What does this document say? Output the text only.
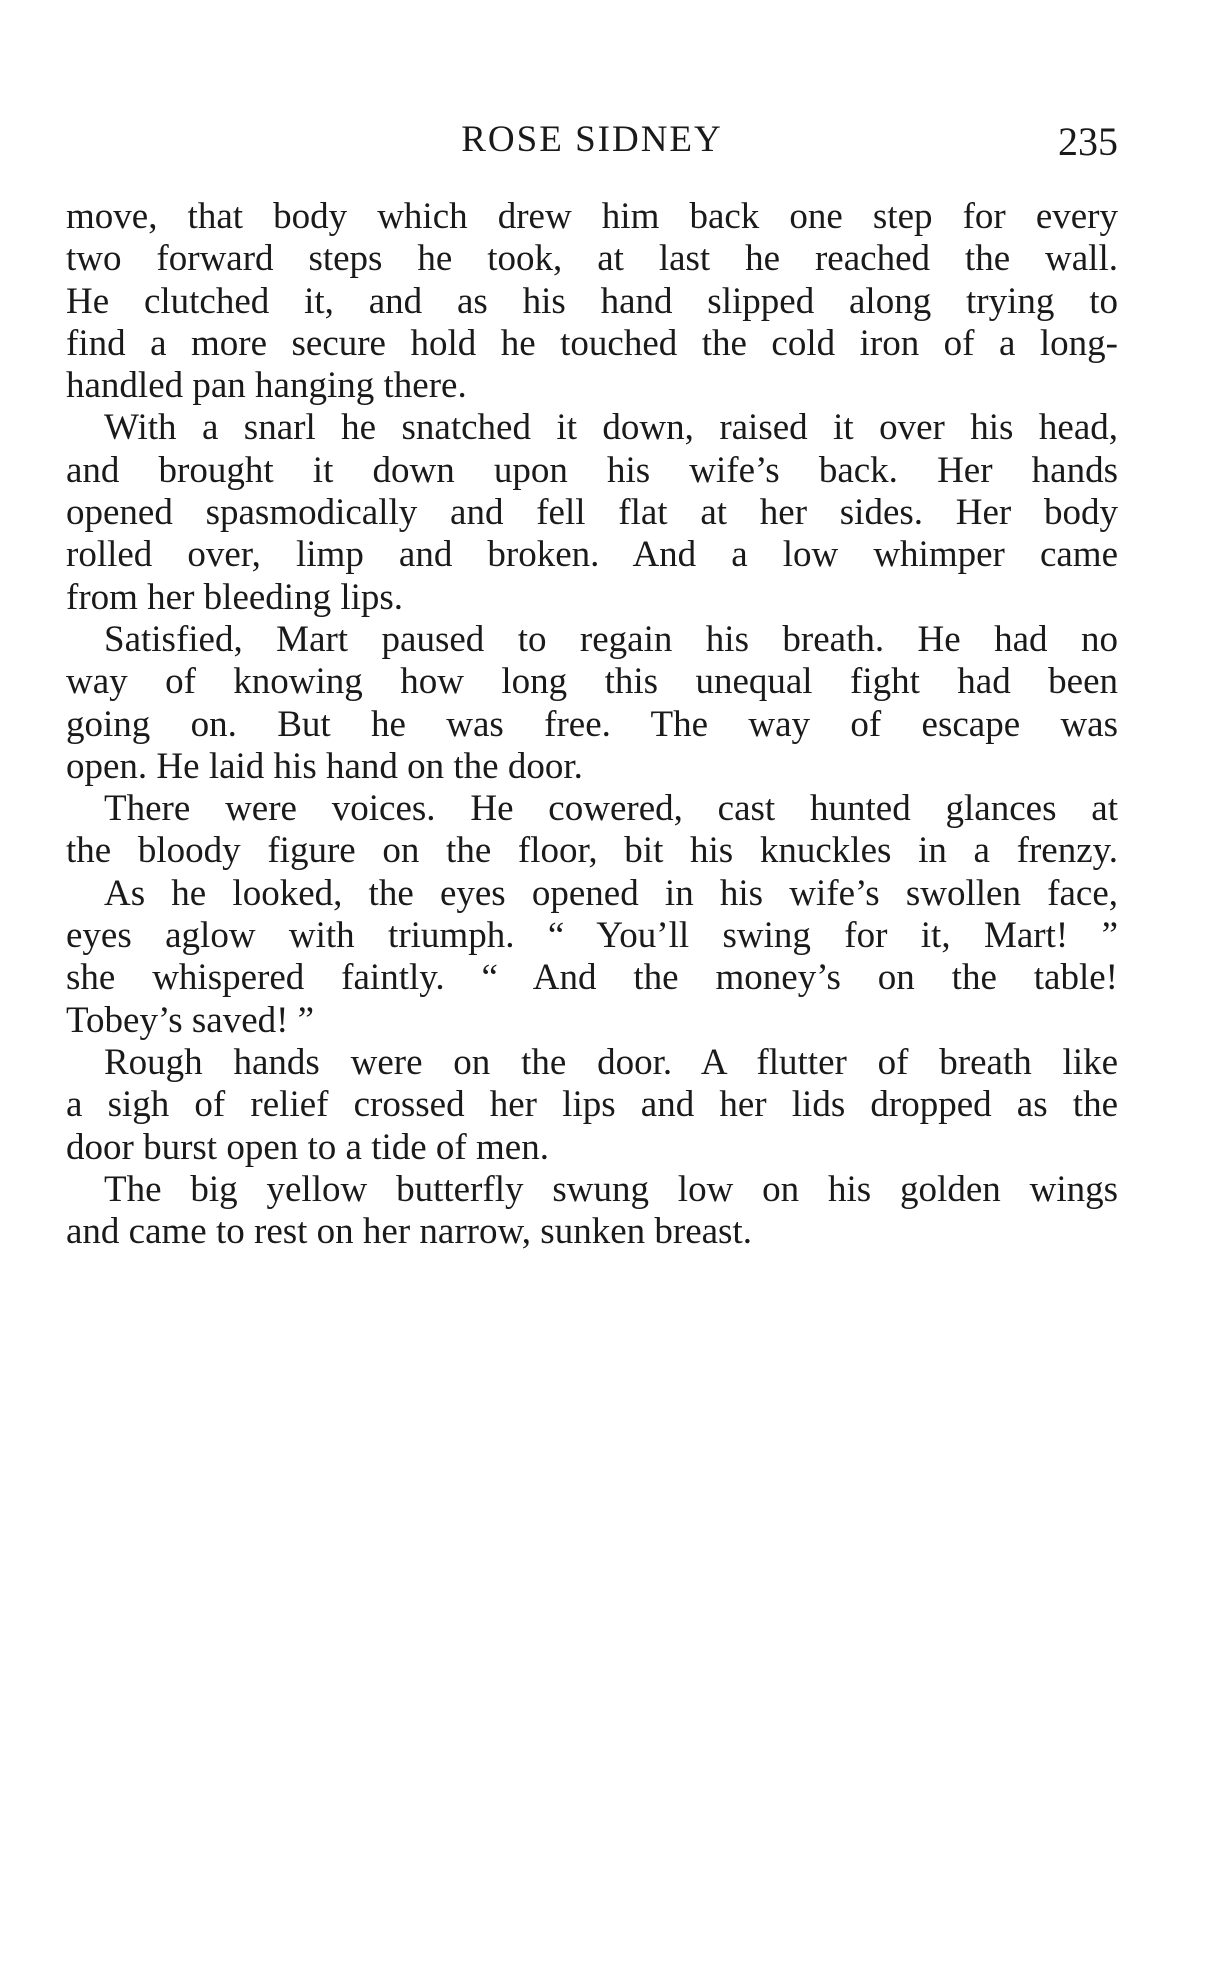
ROSE SIDNEY	235
move, that body which drew him back one step for every
two forward steps he took, at last he reached the wall.
He clutched it, and as his hand slipped along trying to
find a more secure hold he touched the cold iron of a long-
handled pan hanging there.
With a snarl he snatched it down, raised it over his head,
and brought it down upon his wife’s back. Her hands
opened spasmodically and fell flat at her sides. Her body
rolled over, limp and broken. And a low whimper came
from her bleeding lips.
Satisfied, Mart paused to regain his breath. He had no
way of knowing how long this unequal fight had been
going on. But he was free. The way of escape was
open. He laid his hand on the door.
There were voices. He cowered, cast hunted glances at
the bloody figure on the floor, bit his knuckles in a frenzy.
As he looked, the eyes opened in his wife’s swollen face,
eyes aglow with triumph. “ You’ll swing for it, Mart! ”
she whispered faintly. “ And the money’s on the table!
Tobey’s saved! ”
Rough hands were on the door. A flutter of breath like
a sigh of relief crossed her lips and her lids dropped as the
door burst open to a tide of men.
The big yellow butterfly swung low on his golden wings
and came to rest on her narrow, sunken breast.
